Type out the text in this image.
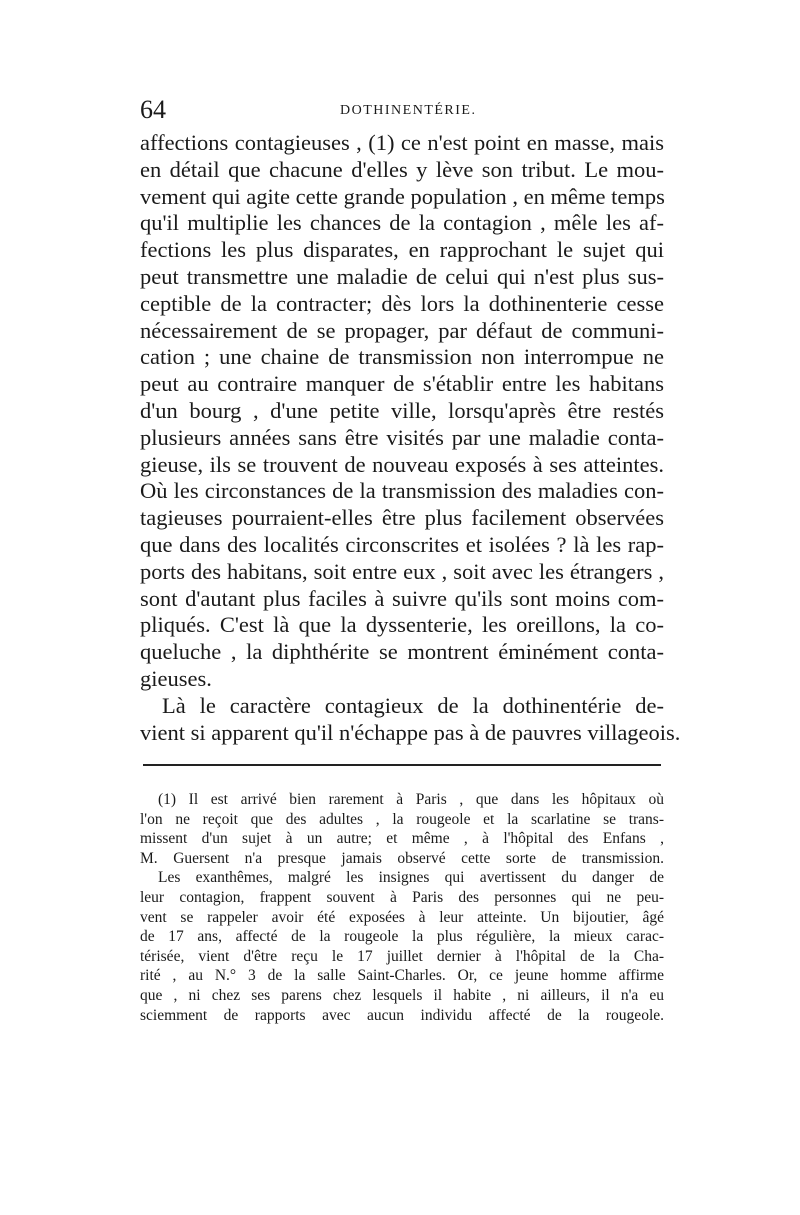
64	DOTHINENTÉRIE.
affections contagieuses , (1) ce n'est point en masse, mais
en détail que chacune d'elles y lève son tribut. Le mou-
vement qui agite cette grande population , en même temps
qu'il multiplie les chances de la contagion , mêle les af-
fections les plus disparates, en rapprochant le sujet qui
peut transmettre une maladie de celui qui n'est plus sus-
ceptible de la contracter; dès lors la dothinenterie cesse
nécessairement de se propager, par défaut de communi-
cation ; une chaine de transmission non interrompue ne
peut au contraire manquer de s'établir entre les habitans
d'un bourg , d'une petite ville, lorsqu'après être restés
plusieurs années sans être visités par une maladie conta-
gieuse, ils se trouvent de nouveau exposés à ses atteintes.
Où les circonstances de la transmission des maladies con-
tagieuses pourraient-elles être plus facilement observées
que dans des localités circonscrites et isolées ? là les rap-
ports des habitans, soit entre eux , soit avec les étrangers ,
sont d'autant plus faciles à suivre qu'ils sont moins com-
pliqués. C'est là que la dyssenterie, les oreillons, la co-
queluche , la diphthérite se montrent éminément conta-
gieuses.
Là le caractère contagieux de la dothinentérie de-
vient si apparent qu'il n'échappe pas à de pauvres villageois.
(1) Il est arrivé bien rarement à Paris , que dans les hôpitaux où
l'on ne reçoit que des adultes , la rougeole et la scarlatine se trans-
missent d'un sujet à un autre; et même , à l'hôpital des Enfans ,
M. Guersent n'a presque jamais observé cette sorte de transmission.
Les exanthêmes, malgré les insignes qui avertissent du danger de
leur contagion, frappent souvent à Paris des personnes qui ne peu-
vent se rappeler avoir été exposées à leur atteinte. Un bijoutier, âgé
de 17 ans, affecté de la rougeole la plus régulière, la mieux carac-
térisée, vient d'être reçu le 17 juillet dernier à l'hôpital de la Cha-
rité , au N.° 3 de la salle Saint-Charles. Or, ce jeune homme affirme
que , ni chez ses parens chez lesquels il habite , ni ailleurs, il n'a eu
sciemment de rapports avec aucun individu affecté de la rougeole.
